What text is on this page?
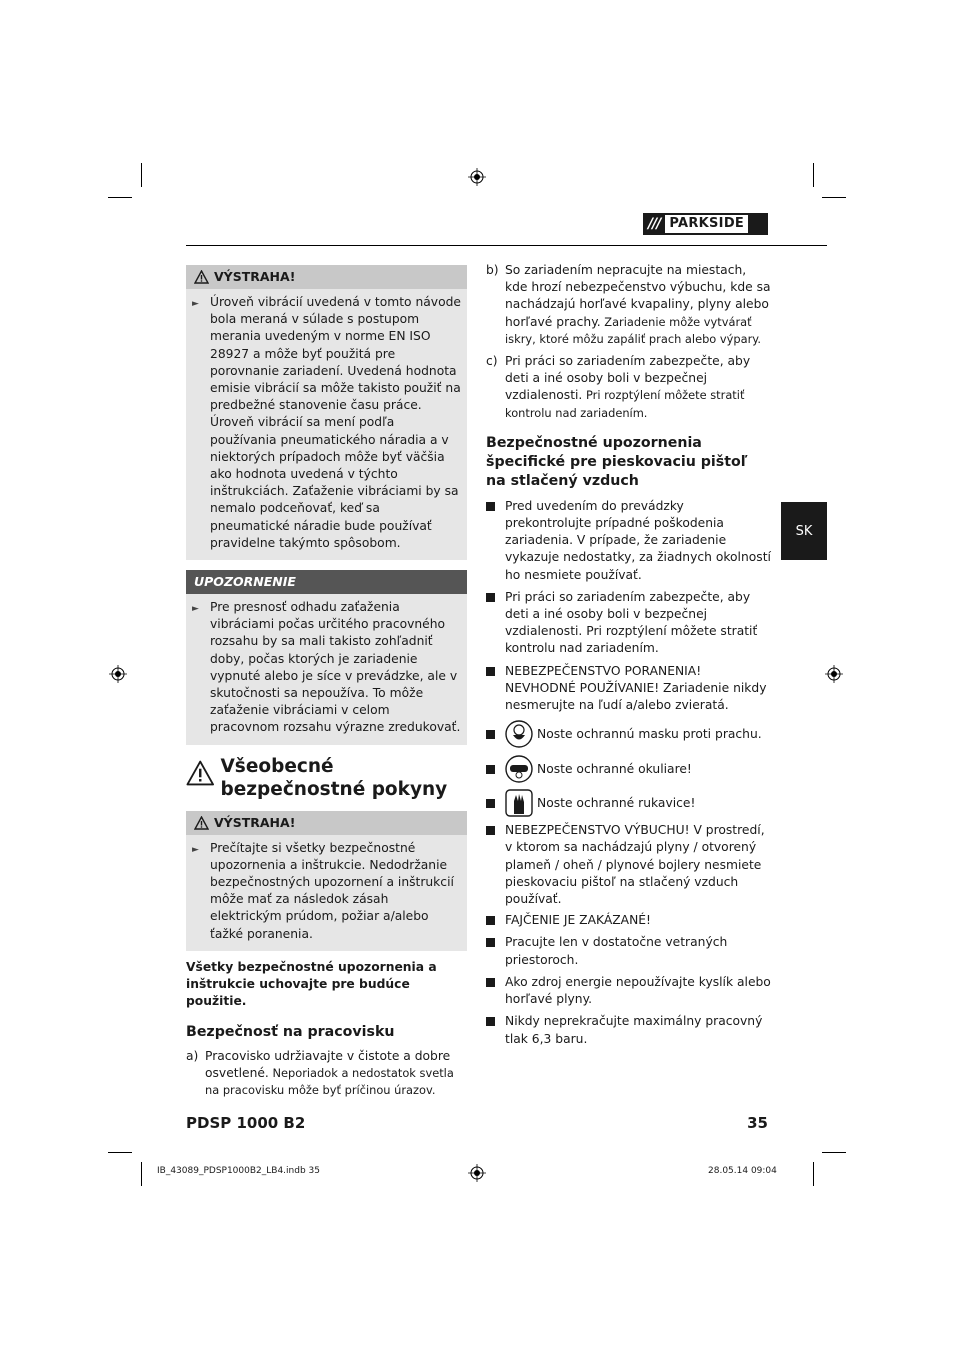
/// PARKSIDE
SK
VÝSTRAHA!
► Úroveň vibrácií uvedená v tomto návode bola meraná v súlade s postupom merania uvedeným v norme EN ISO 28927 a môže byť použitá pre porovnanie zariadení. Uvedená hodnota emisie vibrácií sa môže takisto použiť na predbežné stanovenie času práce. Úroveň vibrácií sa mení podľa používania pneumatického náradia a v niektorých prípadoch môže byť väčšia ako hodnota uvedená v týchto inštrukciách. Zaťaženie vibráciami by sa nemalo podceňovať, keď sa pneumatické náradie bude používať pravidelne takýmto spôsobom.
UPOZORNENIE
► Pre presnosť odhadu zaťaženia vibráciami počas určitého pracovného rozsahu by sa mali takisto zohľadniť doby, počas ktorých je zariadenie vypnuté alebo je síce v prevádzke, ale v skutočnosti sa nepoužíva. To môže zaťaženie vibráciami v celom pracovnom rozsahu výrazne zredukovať.
Všeobecné bezpečnostné pokyny
VÝSTRAHA!
► Prečítajte si všetky bezpečnostné upozornenia a inštrukcie. Nedodržanie bezpečnostných upozornení a inštrukcií môže mať za následok zásah elektrickým prúdom, požiar a/alebo ťažké poranenia.
Všetky bezpečnostné upozornenia a inštrukcie uchovajte pre budúce použitie.
Bezpečnosť na pracovisku
a) Pracovisko udržiavajte v čistote a dobre osvetlené. Neporiadok a nedostatok svetla na pracovisku môže byť príčinou úrazov.
b) So zariadením nepracujte na miestach, kde hrozí nebezpečenstvo výbuchu, kde sa nachádzajú horľavé kvapaliny, plyny alebo horľavé prachy. Zariadenie môže vytvárať iskry, ktoré môžu zapáliť prach alebo výpary.
c) Pri práci so zariadením zabezpečte, aby deti a iné osoby boli v bezpečnej vzdialenosti. Pri rozptýlení môžete stratiť kontrolu nad zariadením.
Bezpečnostné upozornenia špecifické pre pieskovaciu pištoľ na stlačený vzduch
Pred uvedením do prevádzky prekontrolujte prípadné poškodenia zariadenia. V prípade, že zariadenie vykazuje nedostatky, za žiadnych okolností ho nesmiete používať.
Pri práci so zariadením zabezpečte, aby deti a iné osoby boli v bezpečnej vzdialenosti. Pri rozptýlení môžete stratiť kontrolu nad zariadením.
NEBEZPEČENSTVO PORANENIA! NEVHODNÉ POUŽÍVANIE! Zariadenie nikdy nesmerujte na ľudí a/alebo zvieratá.
Noste ochrannú masku proti prachu.
Noste ochranné okuliare!
Noste ochranné rukavice!
NEBEZPEČENSTVO VÝBUCHU! V prostredí, v ktorom sa nachádzajú plyny / otvorený plameň / oheň / plynové bojlery nesmiete pieskovaciu pištoľ na stlačený vzduch používať.
FAJČENIE JE ZAKÁZANÉ!
Pracujte len v dostatočne vetraných priestoroch.
Ako zdroj energie nepoužívajte kyslík alebo horľavé plyny.
Nikdy neprekračujte maximálny pracovný tlak 6,3 baru.
PDSP 1000 B2	35
IB_43089_PDSP1000B2_LB4.indb 35	28.05.14 09:04
